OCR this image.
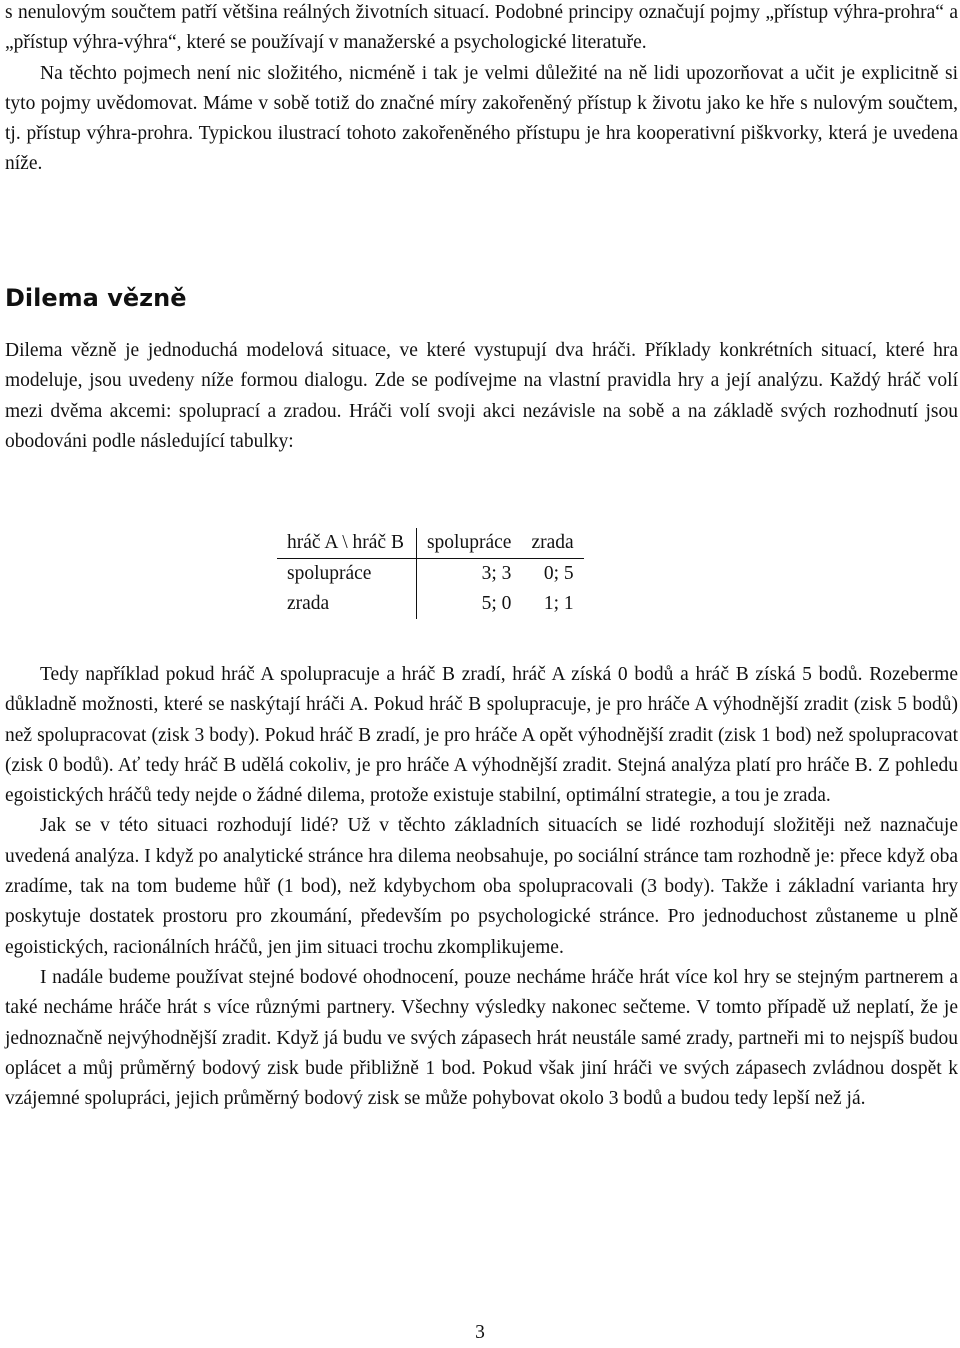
s nenulovým součtem patří většina reálných životních situací. Podobné principy označují pojmy „přístup výhra-prohra“ a „přístup výhra-výhra“, které se používají v manažerské a psychologické literatuře.

Na těchto pojmech není nic složitého, nicméně i tak je velmi důležité na ně lidi upozorňovat a učit je explicitně si tyto pojmy uvědomovat. Máme v sobě totiž do značné míry zakořeněný přístup k životu jako ke hře s nulovým součtem, tj. přístup výhra-prohra. Typickou ilustrací tohoto zakořeněného přístupu je hra kooperativní piškvorky, která je uvedena níže.

Dilema vězně

Dilema vězně je jednoduchá modelová situace, ve které vystupují dva hráči. Příklady konkrétních situací, které hra modeluje, jsou uvedeny níže formou dialogu. Zde se podívejme na vlastní pravidla hry a její analýzu. Každý hráč volí mezi dvěma akcemi: spoluprací a zradou. Hráči volí svoji akci nezávisle na sobě a na základě svých rozhodnutí jsou obodováni podle následující tabulky:

hráč A \ hráč B	spolupráce	zrada
spolupráce	3; 3	0; 5
zrada	5; 0	1; 1

Tedy například pokud hráč A spolupracuje a hráč B zradí, hráč A získá 0 bodů a hráč B získá 5 bodů. Rozeberme důkladně možnosti, které se naskýtají hráči A. Pokud hráč B spolupracuje, je pro hráče A výhodnější zradit (zisk 5 bodů) než spolupracovat (zisk 3 body). Pokud hráč B zradí, je pro hráče A opět výhodnější zradit (zisk 1 bod) než spolupracovat (zisk 0 bodů). Ať tedy hráč B udělá cokoliv, je pro hráče A výhodnější zradit. Stejná analýza platí pro hráče B. Z pohledu egoistických hráčů tedy nejde o žádné dilema, protože existuje stabilní, optimální strategie, a tou je zrada.

Jak se v této situaci rozhodují lidé? Už v těchto základních situacích se lidé rozhodují složitěji než naznačuje uvedená analýza. I když po analytické stránce hra dilema neobsahuje, po sociální stránce tam rozhodně je: přece když oba zradíme, tak na tom budeme hůř (1 bod), než kdybychom oba spolupracovali (3 body). Takže i základní varianta hry poskytuje dostatek prostoru pro zkoumání, především po psychologické stránce. Pro jednoduchost zůstaneme u plně egoistických, racionálních hráčů, jen jim situaci trochu zkomplikujeme.

I nadále budeme používat stejné bodové ohodnocení, pouze necháme hráče hrát více kol hry se stejným partnerem a také necháme hráče hrát s více různými partnery. Všechny výsledky nakonec sečteme. V tomto případě už neplatí, že je jednoznačně nejvýhodnější zradit. Když já budu ve svých zápasech hrát neustále samé zrady, partneři mi to nejspíš budou oplácet a můj průměrný bodový zisk bude přibližně 1 bod. Pokud však jiní hráči ve svých zápasech zvládnou dospět k vzájemné spolupráci, jejich průměrný bodový zisk se může pohybovat okolo 3 bodů a budou tedy lepší než já.

3
